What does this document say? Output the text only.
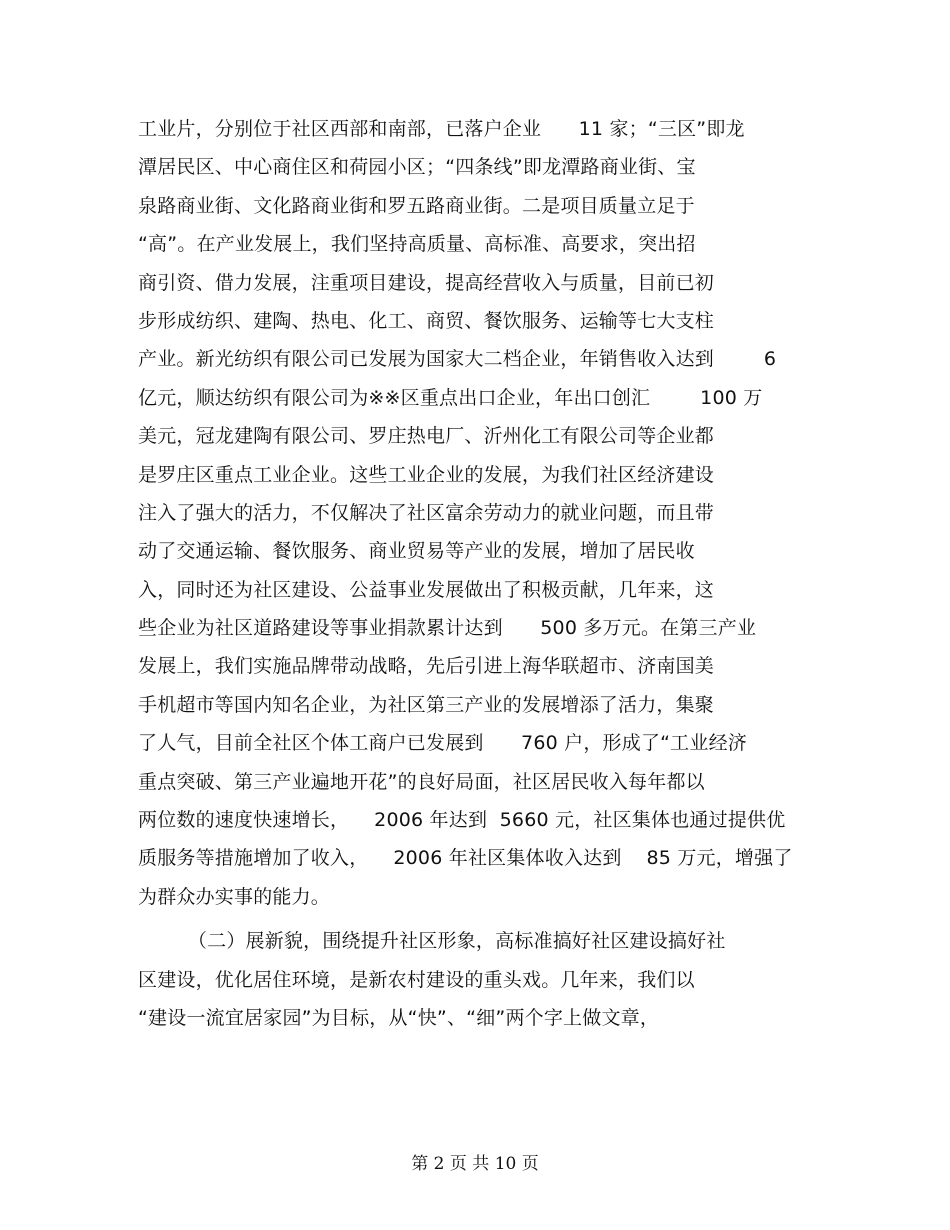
工业片，分别位于社区西部和南部，已落户企业      11 家；“三区”即龙
潭居民区、中心商住区和荷园小区；“四条线”即龙潭路商业街、宝
泉路商业街、文化路商业街和罗五路商业街。二是项目质量立足于
“高”。在产业发展上，我们坚持高质量、高标准、高要求，突出招
商引资、借力发展，注重项目建设，提高经营收入与质量，目前已初
步形成纺织、建陶、热电、化工、商贸、餐饮服务、运输等七大支柱
产业。新光纺织有限公司已发展为国家大二档企业，年销售收入达到        6
亿元，顺达纺织有限公司为※※区重点出口企业，年出口创汇        100 万
美元，冠龙建陶有限公司、罗庄热电厂、沂州化工有限公司等企业都
是罗庄区重点工业企业。这些工业企业的发展，为我们社区经济建设
注入了强大的活力，不仅解决了社区富余劳动力的就业问题，而且带
动了交通运输、餐饮服务、商业贸易等产业的发展，增加了居民收
入，同时还为社区建设、公益事业发展做出了积极贡献，几年来，这
些企业为社区道路建设等事业捐款累计达到      500 多万元。在第三产业
发展上，我们实施品牌带动战略，先后引进上海华联超市、济南国美
手机超市等国内知名企业，为社区第三产业的发展增添了活力，集聚
了人气，目前全社区个体工商户已发展到      760 户，形成了“工业经济
重点突破、第三产业遍地开花”的良好局面，社区居民收入每年都以
两位数的速度快速增长，    2006 年达到  5660 元，社区集体也通过提供优
质服务等措施增加了收入，    2006 年社区集体收入达到    85 万元，增强了
为群众办实事的能力。
（二）展新貌，围绕提升社区形象，高标准搞好社区建设搞好社
区建设，优化居住环境，是新农村建设的重头戏。几年来，我们以
“建设一流宜居家园”为目标，从“快”、“细”两个字上做文章，
第 2 页 共 10 页
